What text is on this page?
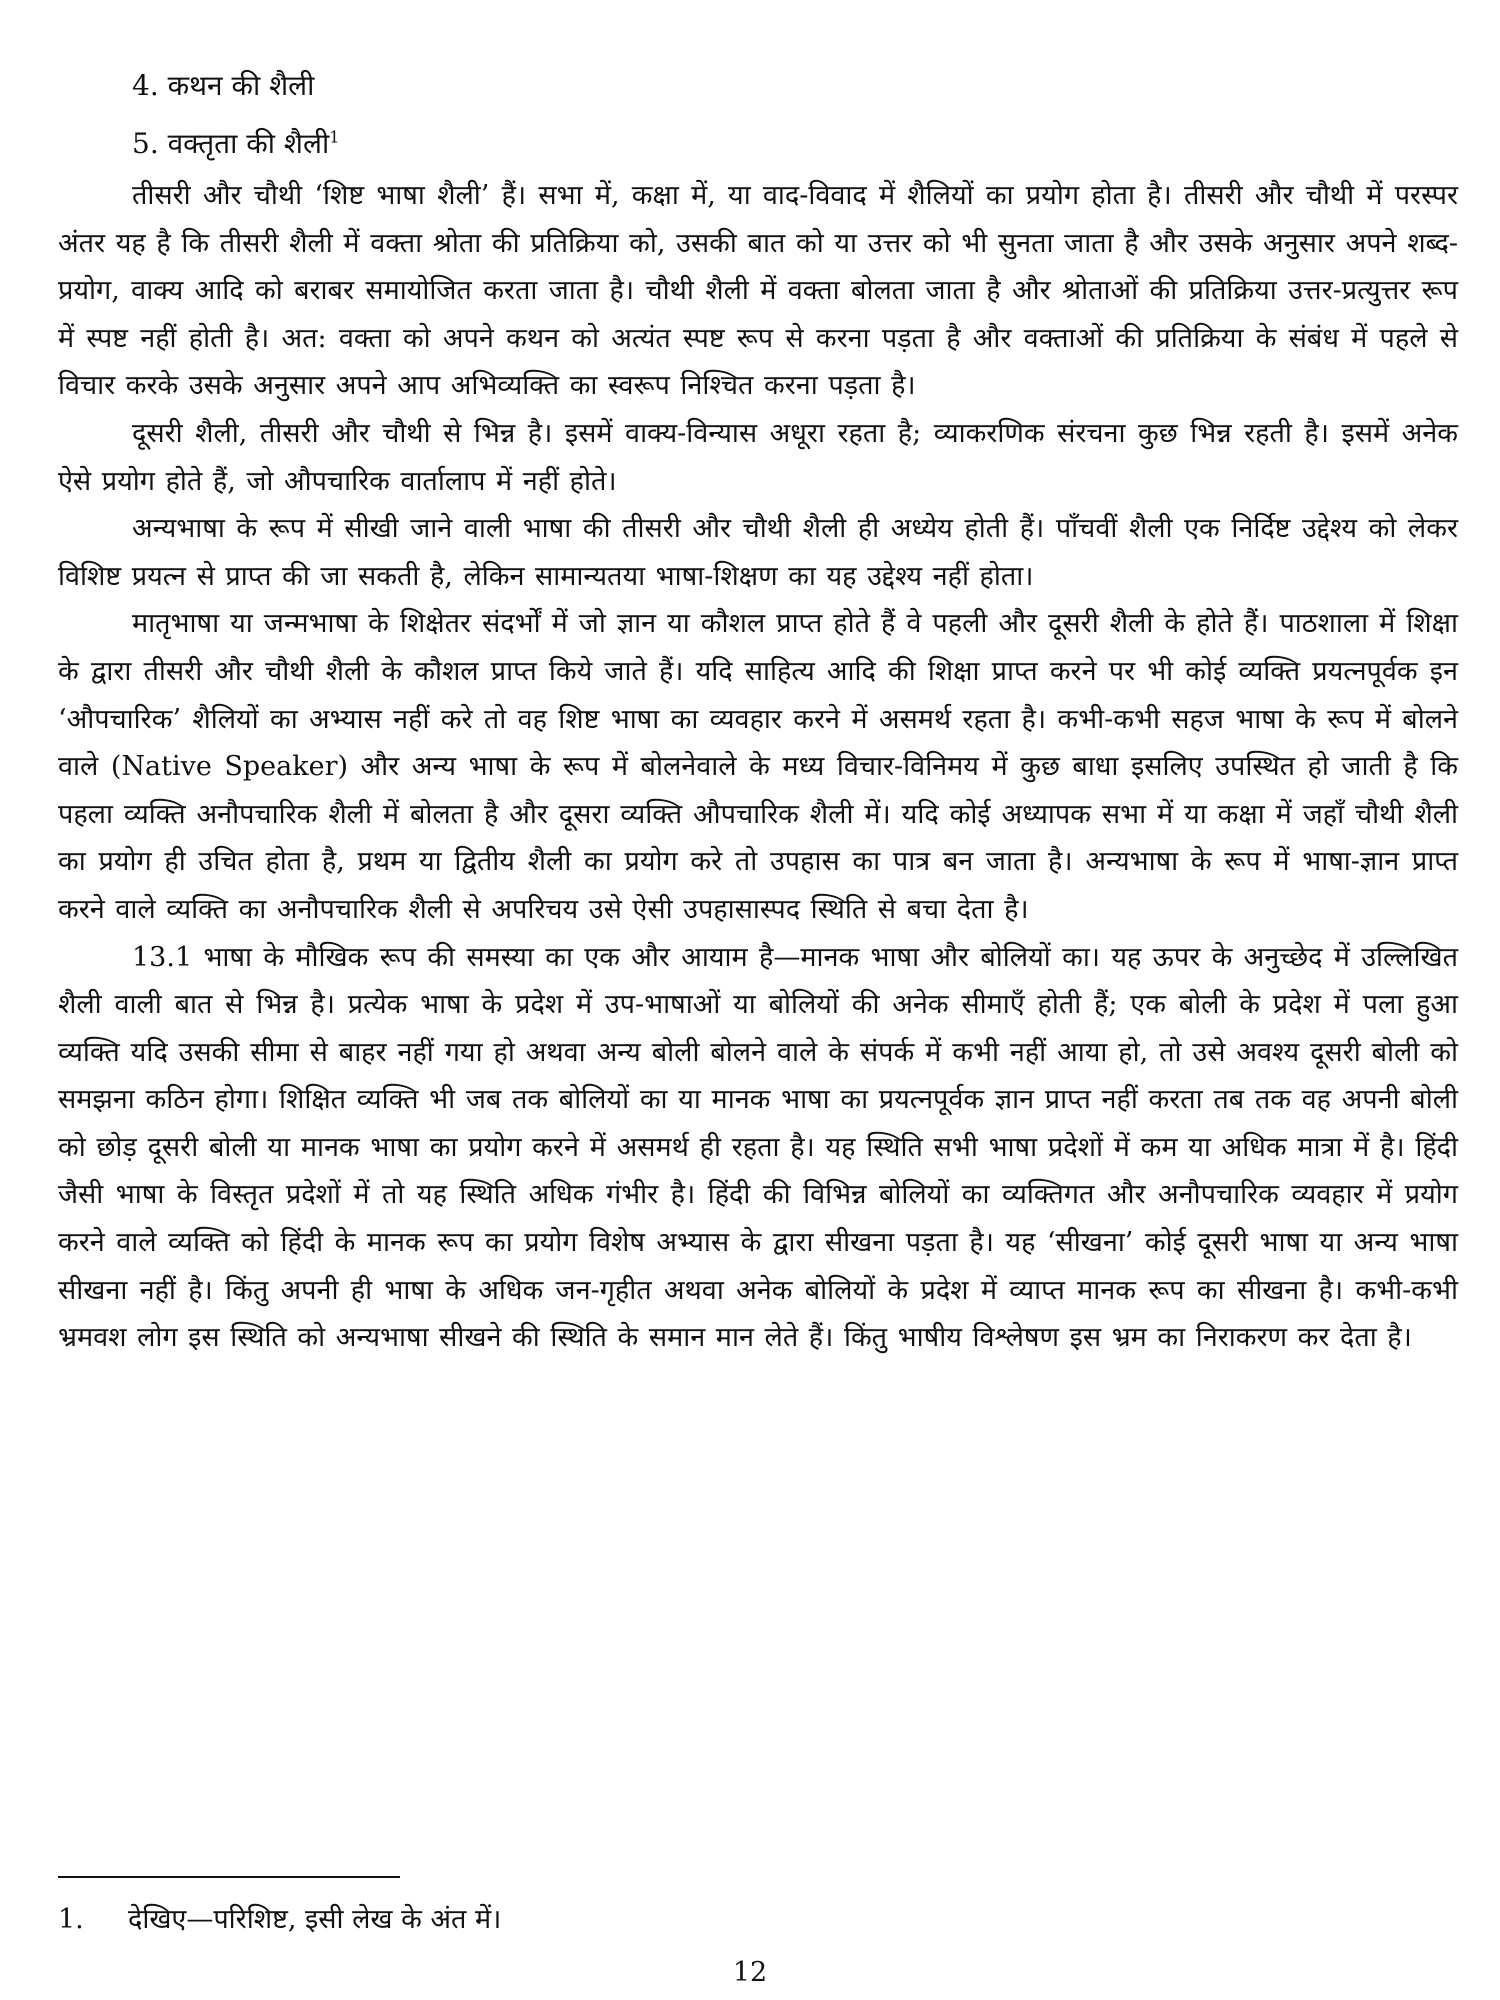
4. कथन की शैली
5. वक्तृता की शैली$^1$

तीसरी और चौथी ‘शिष्ट भाषा शैली’ हैं। सभा में, कक्षा में, या वाद-विवाद में शैलियों का प्रयोग होता है। तीसरी और चौथी में परस्पर अंतर यह है कि तीसरी शैली में वक्ता श्रोता की प्रतिक्रिया को, उसकी बात को या उत्तर को भी सुनता जाता है और उसके अनुसार अपने शब्द-प्रयोग, वाक्य आदि को बराबर समायोजित करता जाता है। चौथी शैली में वक्ता बोलता जाता है और श्रोताओं की प्रतिक्रिया उत्तर-प्रत्युत्तर रूप में स्पष्ट नहीं होती है। अत: वक्ता को अपने कथन को अत्यंत स्पष्ट रूप से करना पड़ता है और वक्ताओं की प्रतिक्रिया के संबंध में पहले से विचार करके उसके अनुसार अपने आप अभिव्यक्ति का स्वरूप निश्चित करना पड़ता है।

दूसरी शैली, तीसरी और चौथी से भिन्न है। इसमें वाक्य-विन्यास अधूरा रहता है; व्याकरणिक संरचना कुछ भिन्न रहती है। इसमें अनेक ऐसे प्रयोग होते हैं, जो औपचारिक वार्तालाप में नहीं होते।

अन्यभाषा के रूप में सीखी जाने वाली भाषा की तीसरी और चौथी शैली ही अध्येय होती हैं। पाँचवीं शैली एक निर्दिष्ट उद्देश्य को लेकर विशिष्ट प्रयत्न से प्राप्त की जा सकती है, लेकिन सामान्यतया भाषा-शिक्षण का यह उद्देश्य नहीं होता।

मातृभाषा या जन्मभाषा के शिक्षेतर संदर्भों में जो ज्ञान या कौशल प्राप्त होते हैं वे पहली और दूसरी शैली के होते हैं। पाठशाला में शिक्षा के द्वारा तीसरी और चौथी शैली के कौशल प्राप्त किये जाते हैं। यदि साहित्य आदि की शिक्षा प्राप्त करने पर भी कोई व्यक्ति प्रयत्नपूर्वक इन ‘औपचारिक’ शैलियों का अभ्यास नहीं करे तो वह शिष्ट भाषा का व्यवहार करने में असमर्थ रहता है। कभी-कभी सहज भाषा के रूप में बोलने वाले (Native Speaker) और अन्य भाषा के रूप में बोलनेवाले के मध्य विचार-विनिमय में कुछ बाधा इसलिए उपस्थित हो जाती है कि पहला व्यक्ति अनौपचारिक शैली में बोलता है और दूसरा व्यक्ति औपचारिक शैली में। यदि कोई अध्यापक सभा में या कक्षा में जहाँ चौथी शैली का प्रयोग ही उचित होता है, प्रथम या द्वितीय शैली का प्रयोग करे तो उपहास का पात्र बन जाता है। अन्यभाषा के रूप में भाषा-ज्ञान प्राप्त करने वाले व्यक्ति का अनौपचारिक शैली से अपरिचय उसे ऐसी उपहासास्पद स्थिति से बचा देता है।

13.1 भाषा के मौखिक रूप की समस्या का एक और आयाम है—मानक भाषा और बोलियों का। यह ऊपर के अनुच्छेद में उल्लिखित शैली वाली बात से भिन्न है। प्रत्येक भाषा के प्रदेश में उप-भाषाओं या बोलियों की अनेक सीमाएँ होती हैं; एक बोली के प्रदेश में पला हुआ व्यक्ति यदि उसकी सीमा से बाहर नहीं गया हो अथवा अन्य बोली बोलने वाले के संपर्क में कभी नहीं आया हो, तो उसे अवश्य दूसरी बोली को समझना कठिन होगा। शिक्षित व्यक्ति भी जब तक बोलियों का या मानक भाषा का प्रयत्नपूर्वक ज्ञान प्राप्त नहीं करता तब तक वह अपनी बोली को छोड़ दूसरी बोली या मानक भाषा का प्रयोग करने में असमर्थ ही रहता है। यह स्थिति सभी भाषा प्रदेशों में कम या अधिक मात्रा में है। हिंदी जैसी भाषा के विस्तृत प्रदेशों में तो यह स्थिति अधिक गंभीर है। हिंदी की विभिन्न बोलियों का व्यक्तिगत और अनौपचारिक व्यवहार में प्रयोग करने वाले व्यक्ति को हिंदी के मानक रूप का प्रयोग विशेष अभ्यास के द्वारा सीखना पड़ता है। यह ‘सीखना’ कोई दूसरी भाषा या अन्य भाषा सीखना नहीं है। किंतु अपनी ही भाषा के अधिक जन-गृहीत अथवा अनेक बोलियों के प्रदेश में व्याप्त मानक रूप का सीखना है। कभी-कभी भ्रमवश लोग इस स्थिति को अन्यभाषा सीखने की स्थिति के समान मान लेते हैं। किंतु भाषीय विश्लेषण इस भ्रम का निराकरण कर देता है।

1. देखिए—परिशिष्ट, इसी लेख के अंत में।
12
